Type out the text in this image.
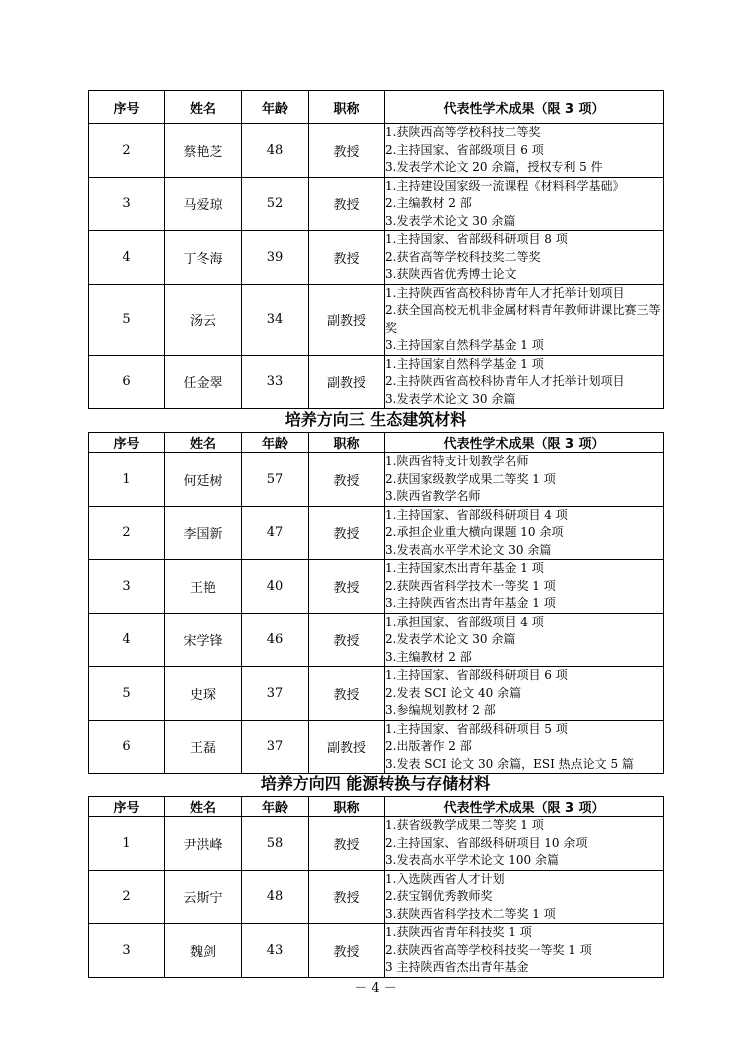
序号	姓名	年龄	职称	代表性学术成果（限 3 项）
2	蔡艳芝	48	教授	1.获陕西高等学校科技二等奖
2.主持国家、省部级项目 6 项
3.发表学术论文 20 余篇，授权专利 5 件

3	马爱琼	52	教授	1.主持建设国家级一流课程《材料科学基础》
2.主编教材 2 部
3.发表学术论文 30 余篇

4	丁冬海	39	教授	1.主持国家、省部级科研项目 8 项
2.获省高等学校科技奖二等奖
3.获陕西省优秀博士论文

5	汤云	34	副教授	1.主持陕西省高校科协青年人才托举计划项目
2.获全国高校无机非金属材料青年教师讲课比赛三等奖
3.主持国家自然科学基金 1 项

6	任金翠	33	副教授	1.主持国家自然科学基金 1 项
2.主持陕西省高校科协青年人才托举计划项目
3.发表学术论文 30 余篇
培养方向三 生态建筑材料
序号	姓名	年龄	职称	代表性学术成果（限 3 项）
1	何廷树	57	教授	1.陕西省特支计划教学名师
2.获国家级教学成果二等奖 1 项
3.陕西省教学名师

2	李国新	47	教授	1.主持国家、省部级科研项目 4 项
2.承担企业重大横向课题 10 余项
3.发表高水平学术论文 30 余篇

3	王艳	40	教授	1.主持国家杰出青年基金 1 项
2.获陕西省科学技术一等奖 1 项
3.主持陕西省杰出青年基金 1 项

4	宋学锋	46	教授	1.承担国家、省部级项目 4 项
2.发表学术论文 30 余篇
3.主编教材 2 部

5	史琛	37	教授	1.主持国家、省部级科研项目 6 项
2.发表 SCI 论文 40 余篇
3.参编规划教材 2 部

6	王磊	37	副教授	1.主持国家、省部级科研项目 5 项
2.出版著作 2 部
3.发表 SCI 论文 30 余篇，ESI 热点论文 5 篇
培养方向四 能源转换与存储材料
序号	姓名	年龄	职称	代表性学术成果（限 3 项）
1	尹洪峰	58	教授	1.获省级教学成果二等奖 1 项
2.主持国家、省部级科研项目 10 余项
3.发表高水平学术论文 100 余篇

2	云斯宁	48	教授	1.入选陕西省人才计划
2.获宝钢优秀教师奖
3.获陕西省科学技术二等奖 1 项

3	魏剑	43	教授	1.获陕西省青年科技奖 1 项
2.获陕西省高等学校科技奖一等奖 1 项
3 主持陕西省杰出青年基金
－ 4 －
